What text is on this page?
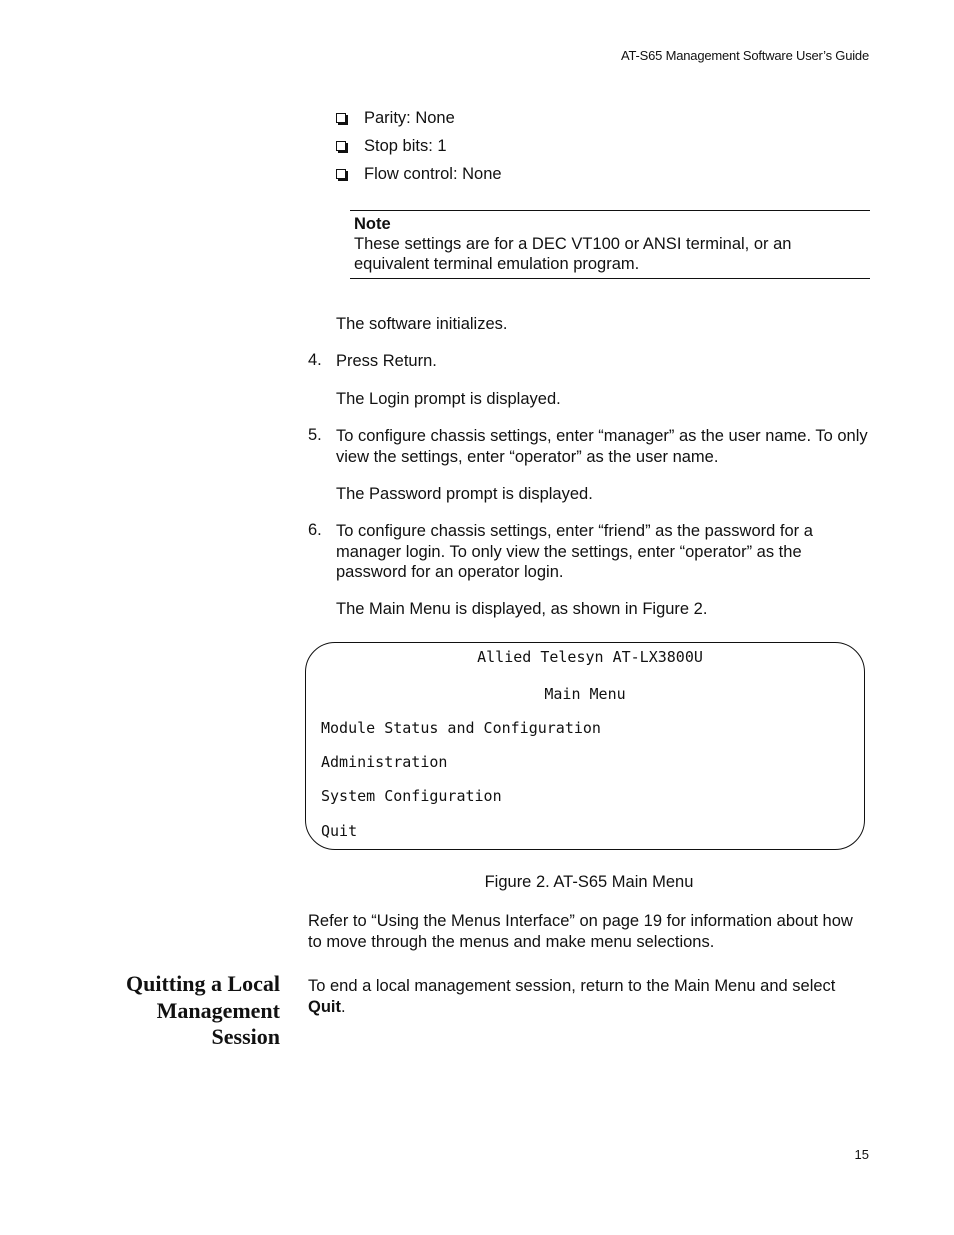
AT-S65 Management Software User’s Guide
Parity: None
Stop bits: 1
Flow control: None
Note
These settings are for a DEC VT100 or ANSI terminal, or an equivalent terminal emulation program.
The software initializes.
4. Press Return.
The Login prompt is displayed.
5. To configure chassis settings, enter “manager” as the user name. To only view the settings, enter “operator” as the user name.
The Password prompt is displayed.
6. To configure chassis settings, enter “friend” as the password for a manager login. To only view the settings, enter “operator” as the password for an operator login.
The Main Menu is displayed, as shown in Figure 2.
Allied Telesyn AT-LX3800U
Main Menu
Module Status and Configuration
Administration
System Configuration
Quit
Figure 2. AT-S65 Main Menu
Refer to “Using the Menus Interface” on page 19 for information about how to move through the menus and make menu selections.
Quitting a Local
Management
Session
To end a local management session, return to the Main Menu and select Quit.
15
